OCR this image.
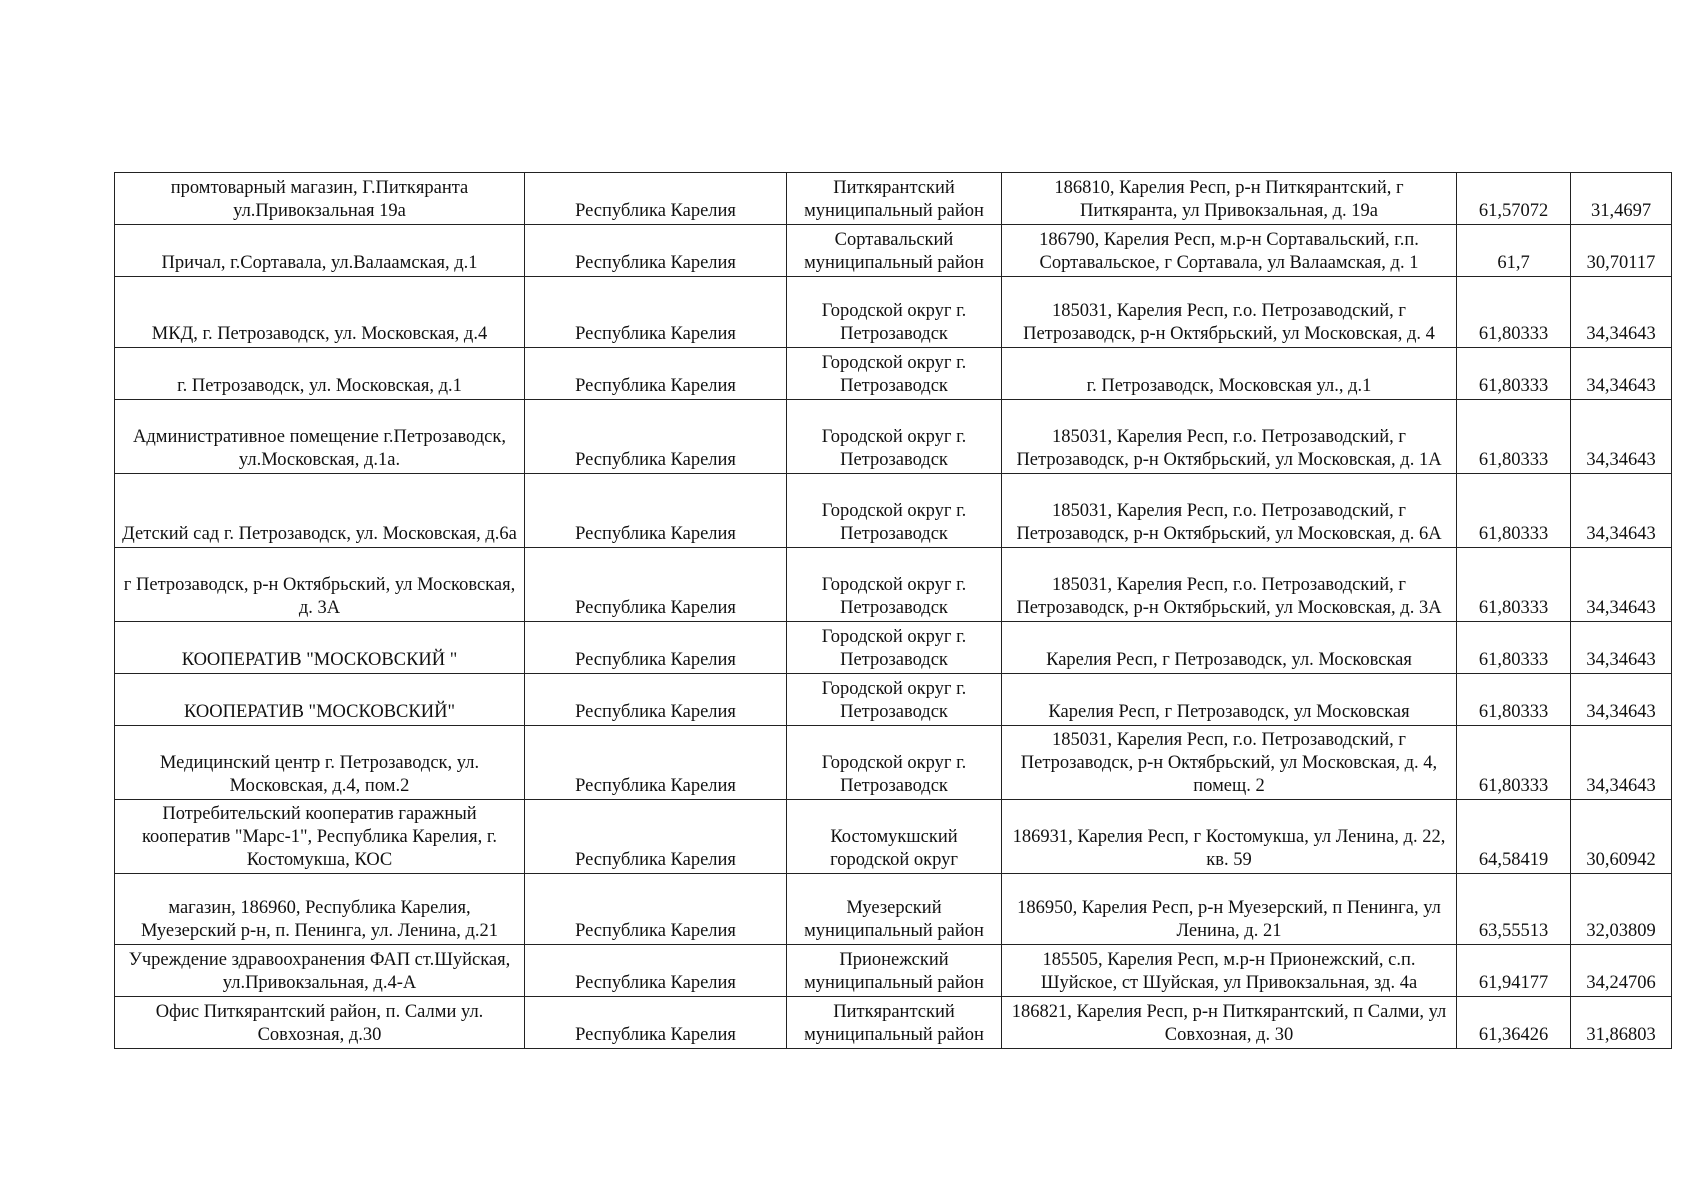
промтоварный магазин, Г.Питкяранта ул.Привокзальная 19а	Республика Карелия	Питкярантский муниципальный район	186810, Карелия Респ, р-н Питкярантский, г Питкяранта, ул Привокзальная, д. 19а	61,57072	31,4697
Причал, г.Сортавала, ул.Валаамская, д.1	Республика Карелия	Сортавальский муниципальный район	186790, Карелия Респ, м.р-н Сортавальский, г.п. Сортавальское, г Сортавала, ул Валаамская, д. 1	61,7	30,70117
МКД, г. Петрозаводск, ул. Московская, д.4	Республика Карелия	Городской округ г. Петрозаводск	185031, Карелия Респ, г.о. Петрозаводский, г Петрозаводск, р-н Октябрьский, ул Московская, д. 4	61,80333	34,34643
г. Петрозаводск, ул. Московская, д.1	Республика Карелия	Городской округ г. Петрозаводск	г. Петрозаводск, Московская ул., д.1	61,80333	34,34643
Административное помещение г.Петрозаводск, ул.Московская, д.1а.	Республика Карелия	Городской округ г. Петрозаводск	185031, Карелия Респ, г.о. Петрозаводский, г Петрозаводск, р-н Октябрьский, ул Московская, д. 1А	61,80333	34,34643
Детский сад г. Петрозаводск, ул. Московская, д.6а	Республика Карелия	Городской округ г. Петрозаводск	185031, Карелия Респ, г.о. Петрозаводский, г Петрозаводск, р-н Октябрьский, ул Московская, д. 6А	61,80333	34,34643
г Петрозаводск, р-н Октябрьский, ул Московская, д. 3А	Республика Карелия	Городской округ г. Петрозаводск	185031, Карелия Респ, г.о. Петрозаводский, г Петрозаводск, р-н Октябрьский, ул Московская, д. 3А	61,80333	34,34643
КООПЕРАТИВ "МОСКОВСКИЙ "	Республика Карелия	Городской округ г. Петрозаводск	Карелия Респ, г Петрозаводск, ул. Московская	61,80333	34,34643
КООПЕРАТИВ "МОСКОВСКИЙ"	Республика Карелия	Городской округ г. Петрозаводск	Карелия Респ, г Петрозаводск, ул Московская	61,80333	34,34643
Медицинский центр г. Петрозаводск, ул. Московская, д.4, пом.2	Республика Карелия	Городской округ г. Петрозаводск	185031, Карелия Респ, г.о. Петрозаводский, г Петрозаводск, р-н Октябрьский, ул Московская, д. 4, помещ. 2	61,80333	34,34643
Потребительский кооператив гаражный кооператив "Марс-1", Республика Карелия, г. Костомукша, КОС	Республика Карелия	Костомукшский городской округ	186931, Карелия Респ, г Костомукша, ул Ленина, д. 22, кв. 59	64,58419	30,60942
магазин, 186960, Республика Карелия, Муезерский р-н, п. Пенинга, ул. Ленина, д.21	Республика Карелия	Муезерский муниципальный район	186950, Карелия Респ, р-н Муезерский, п Пенинга, ул Ленина, д. 21	63,55513	32,03809
Учреждение здравоохранения ФАП ст.Шуйская, ул.Привокзальная, д.4-А	Республика Карелия	Прионежский муниципальный район	185505, Карелия Респ, м.р-н Прионежский, с.п. Шуйское, ст Шуйская, ул Привокзальная, зд. 4а	61,94177	34,24706
Офис Питкярантский район, п. Салми ул. Совхозная, д.30	Республика Карелия	Питкярантский муниципальный район	186821, Карелия Респ, р-н Питкярантский, п Салми, ул Совхозная, д. 30	61,36426	31,86803
